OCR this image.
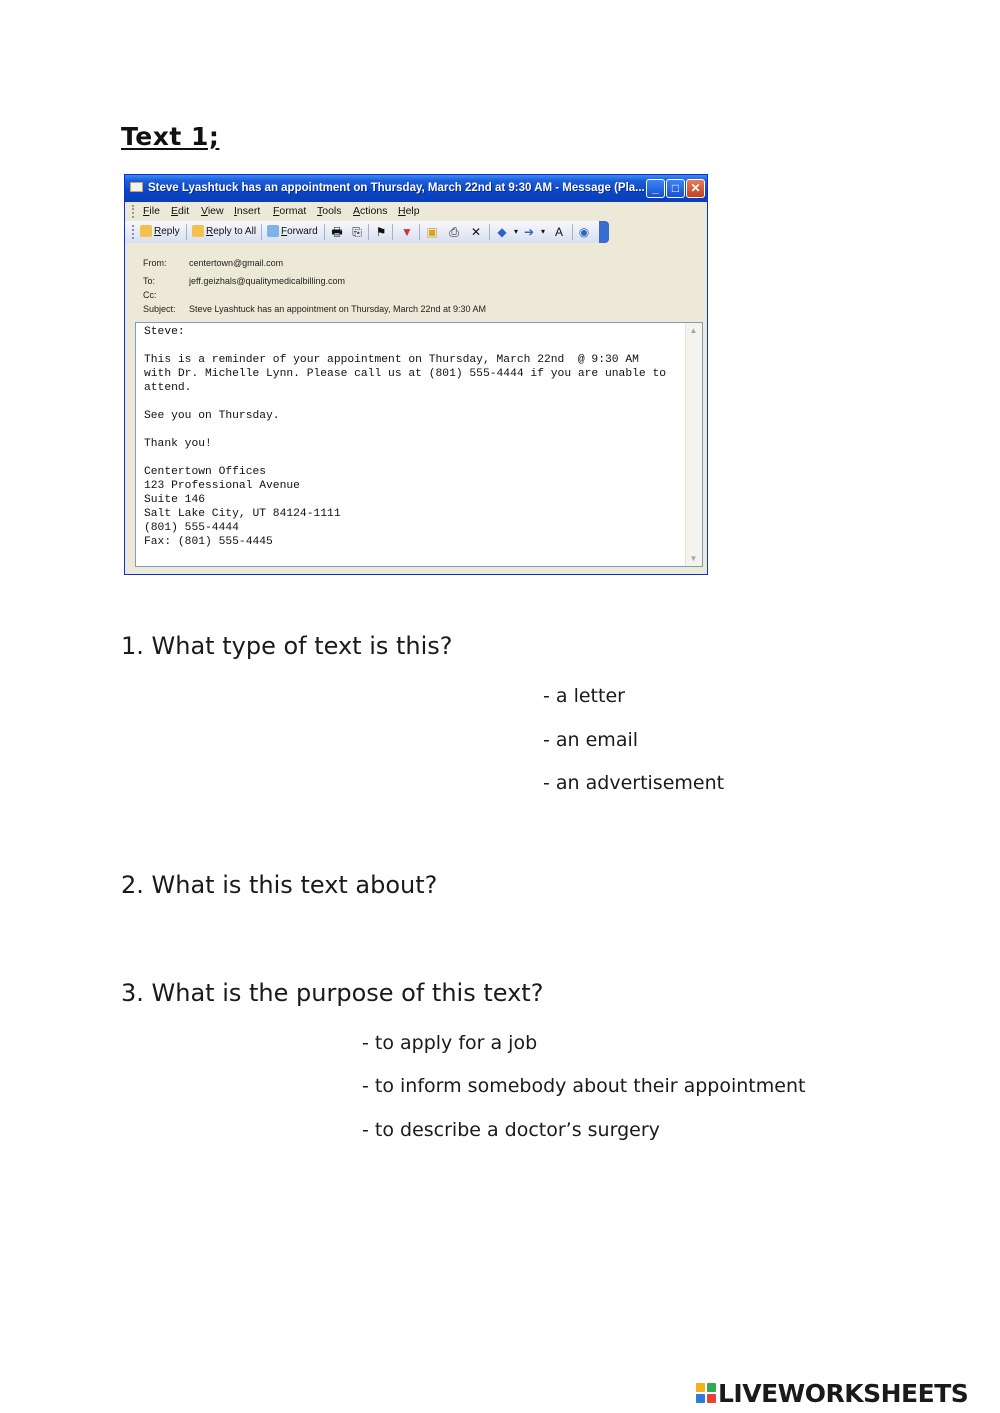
Text 1;
Steve Lyashtuck has an appointment on Thursday, March 22nd at 9:30 AM - Message (Pla... _	□ ✕
File Edit View Insert Format Tools Actions Help
Reply	Reply to All Forward 🖶 ⎘ ⚑ ▼ ▣ ⎙ ✕ ◆ ▾ ➔ ▾ A ◉
From:	centertown@gmail.com
To:	jeff.geizhals@qualitymedicalbilling.com
Cc:
Subject: Steve Lyashtuck has an appointment on Thursday, March 22nd at 9:30 AM
Steve:

This is a reminder of your appointment on Thursday, March 22nd  @ 9:30 AM
with Dr. Michelle Lynn. Please call us at (801) 555-4444 if you are unable to
attend.

See you on Thursday.

Thank you!

Centertown Offices
123 Professional Avenue
Suite 146
Salt Lake City, UT 84124-1111
(801) 555-4444
Fax: (801) 555-4445
▲
▼
1. What type of text is this?
- a letter
- an email
- an advertisement
2. What is this text about?
3. What is the purpose of this text?
- to apply for a job
- to inform somebody about their appointment
- to describe a doctor’s surgery
LIVEWORKSHEETS
